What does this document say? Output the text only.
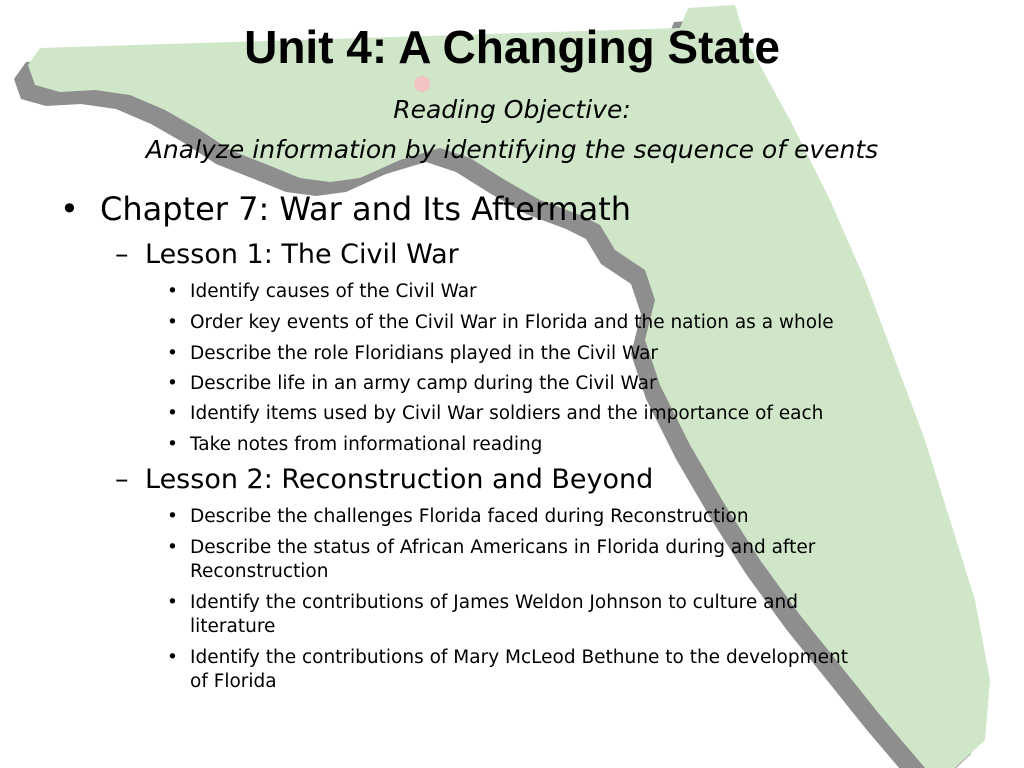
Unit 4: A Changing State
Reading Objective:
Analyze information by identifying the sequence of events
• Chapter 7: War and Its Aftermath
– Lesson 1: The Civil War
• Identify causes of the Civil War
• Order key events of the Civil War in Florida and the nation as a whole
• Describe the role Floridians played in the Civil War
• Describe life in an army camp during the Civil War
• Identify items used by Civil War soldiers and the importance of each
• Take notes from informational reading
– Lesson 2: Reconstruction and Beyond
• Describe the challenges Florida faced during Reconstruction
• Describe the status of African Americans in Florida during and after
Reconstruction
• Identify the contributions of James Weldon Johnson to culture and
literature
• Identify the contributions of Mary McLeod Bethune to the development
of Florida
